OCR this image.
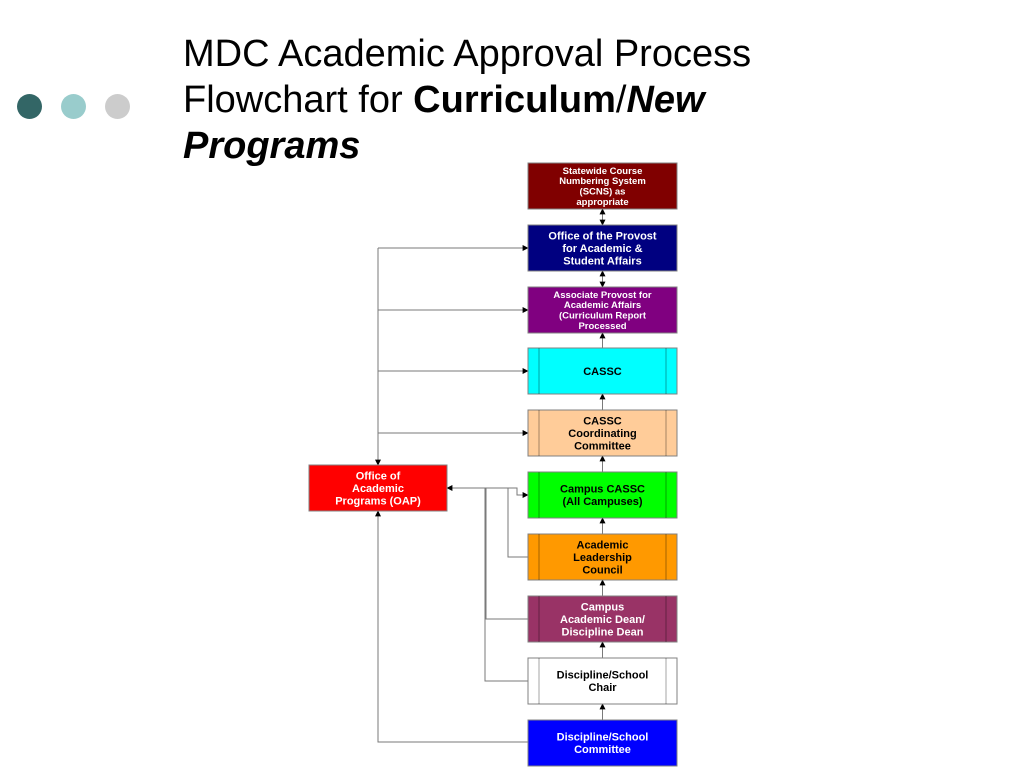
MDC Academic Approval Process
Flowchart for Curriculum/New
Programs
Statewide Course Numbering System (SCNS) as appropriate
Office of the Provost for Academic & Student Affairs
Associate Provost for Academic Affairs (Curriculum Report Processed
CASSC
CASSC Coordinating Committee
Campus CASSC (All Campuses)
Academic Leadership Council
Campus Academic Dean/ Discipline Dean
Discipline/School Chair
Discipline/School Committee
Office of Academic Programs (OAP)
